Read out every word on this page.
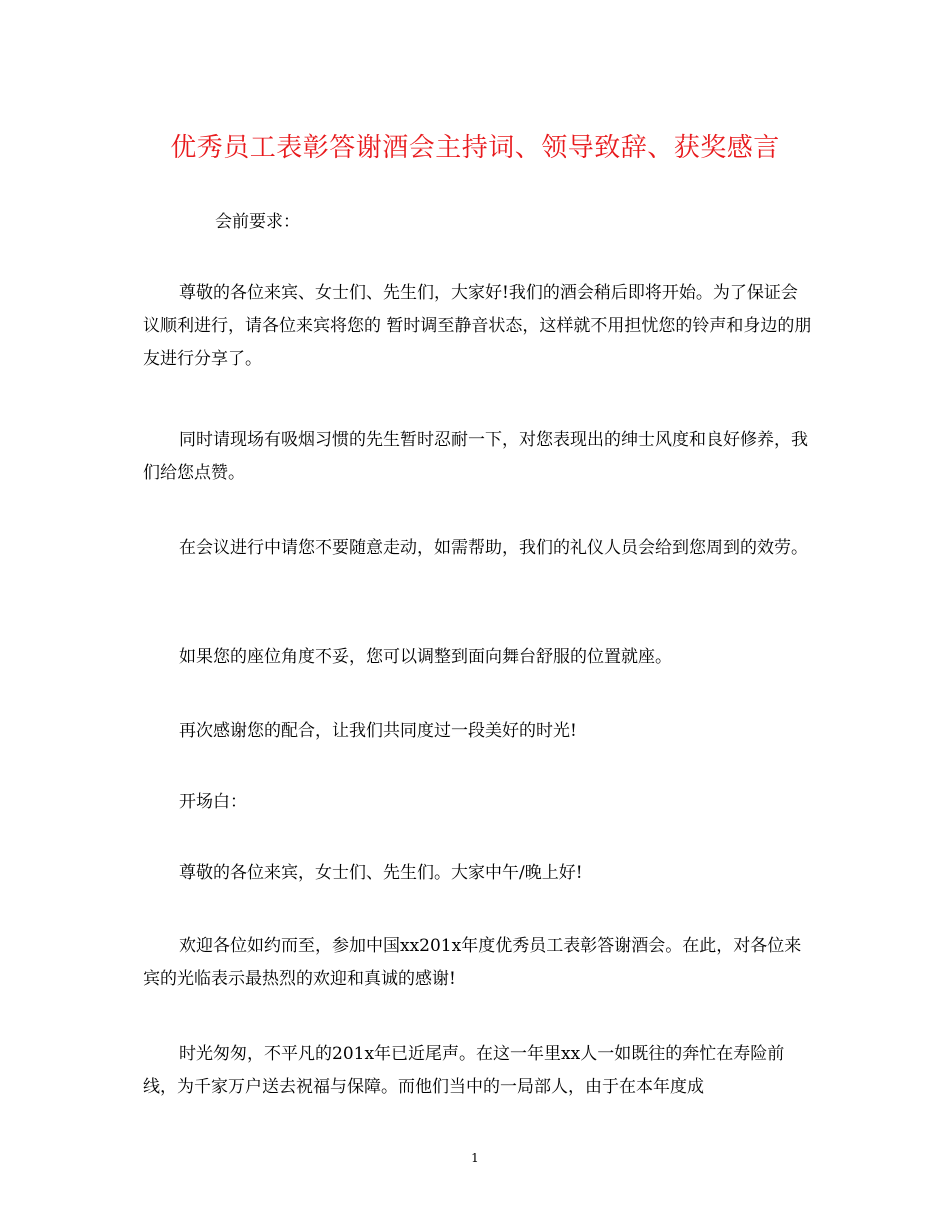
优秀员工表彰答谢酒会主持词、领导致辞、获奖感言
会前要求：
尊敬的各位来宾、女士们、先生们，大家好!我们的酒会稍后即将开始。为了保证会议顺利进行，请各位来宾将您的 暂时调至静音状态，这样就不用担忧您的铃声和身边的朋友进行分享了。
同时请现场有吸烟习惯的先生暂时忍耐一下，对您表现出的绅士风度和良好修养，我们给您点赞。
在会议进行中请您不要随意走动，如需帮助，我们的礼仪人员会给到您周到的效劳。
如果您的座位角度不妥，您可以调整到面向舞台舒服的位置就座。
再次感谢您的配合，让我们共同度过一段美好的时光!
开场白：
尊敬的各位来宾，女士们、先生们。大家中午/晚上好!
欢迎各位如约而至，参加中国xx201x年度优秀员工表彰答谢酒会。在此，对各位来宾的光临表示最热烈的欢迎和真诚的感谢!
时光匆匆，不平凡的201x年已近尾声。在这一年里xx人一如既往的奔忙在寿险前线，为千家万户送去祝福与保障。而他们当中的一局部人，由于在本年度成
1
